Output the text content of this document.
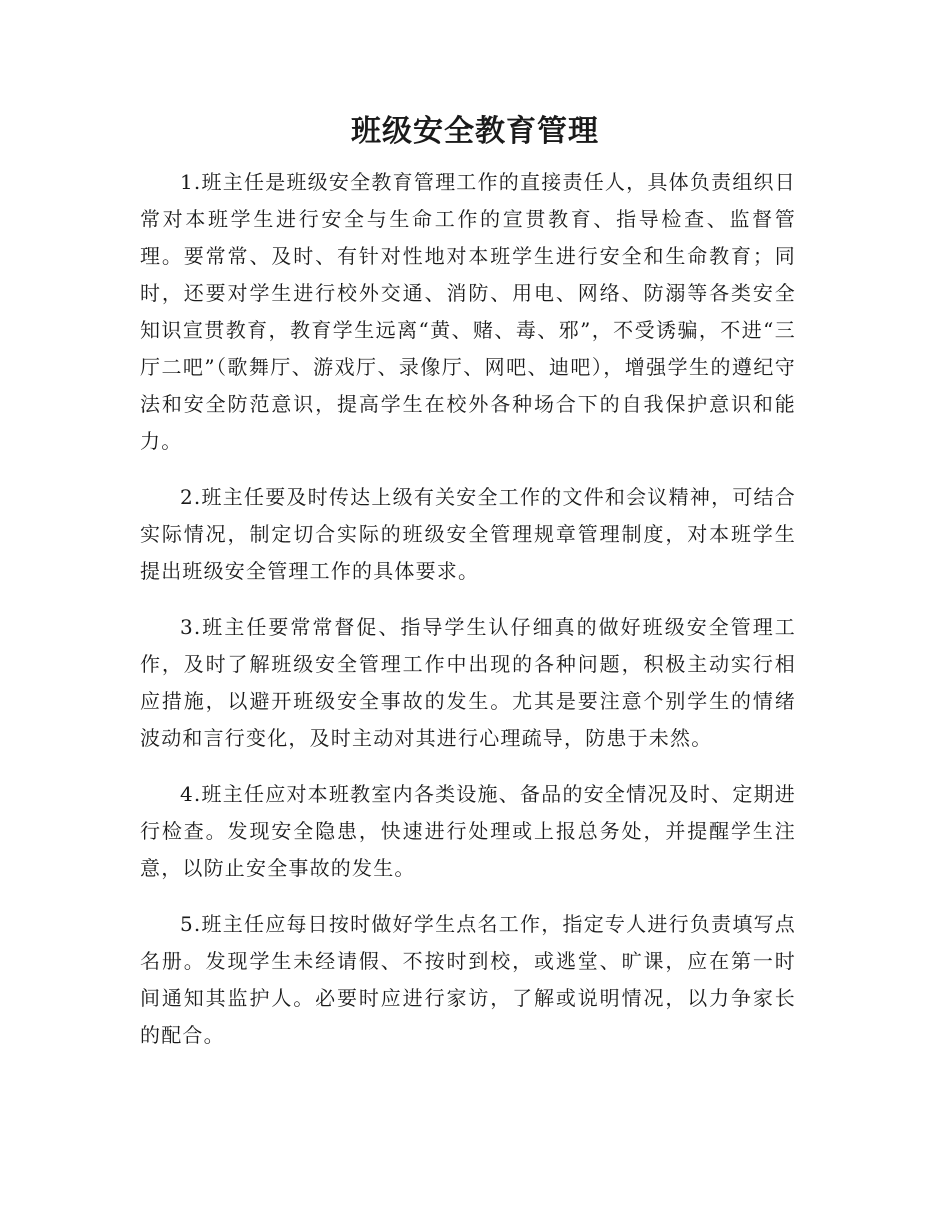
班级安全教育管理

1.班主任是班级安全教育管理工作的直接责任人，具体负责组织日常对本班学生进行安全与生命工作的宣贯教育、指导检查、监督管理。要常常、及时、有针对性地对本班学生进行安全和生命教育；同时，还要对学生进行校外交通、消防、用电、网络、防溺等各类安全知识宣贯教育，教育学生远离“黄、赌、毒、邪”，不受诱骗，不进“三厅二吧”（歌舞厅、游戏厅、录像厅、网吧、迪吧），增强学生的遵纪守法和安全防范意识，提高学生在校外各种场合下的自我保护意识和能力。

2.班主任要及时传达上级有关安全工作的文件和会议精神，可结合实际情况，制定切合实际的班级安全管理规章管理制度，对本班学生提出班级安全管理工作的具体要求。

3.班主任要常常督促、指导学生认仔细真的做好班级安全管理工作，及时了解班级安全管理工作中出现的各种问题，积极主动实行相应措施，以避开班级安全事故的发生。尤其是要注意个别学生的情绪波动和言行变化，及时主动对其进行心理疏导，防患于未然。

4.班主任应对本班教室内各类设施、备品的安全情况及时、定期进行检查。发现安全隐患，快速进行处理或上报总务处，并提醒学生注意，以防止安全事故的发生。

5.班主任应每日按时做好学生点名工作，指定专人进行负责填写点名册。发现学生未经请假、不按时到校，或逃堂、旷课，应在第一时间通知其监护人。必要时应进行家访，了解或说明情况，以力争家长的配合。
